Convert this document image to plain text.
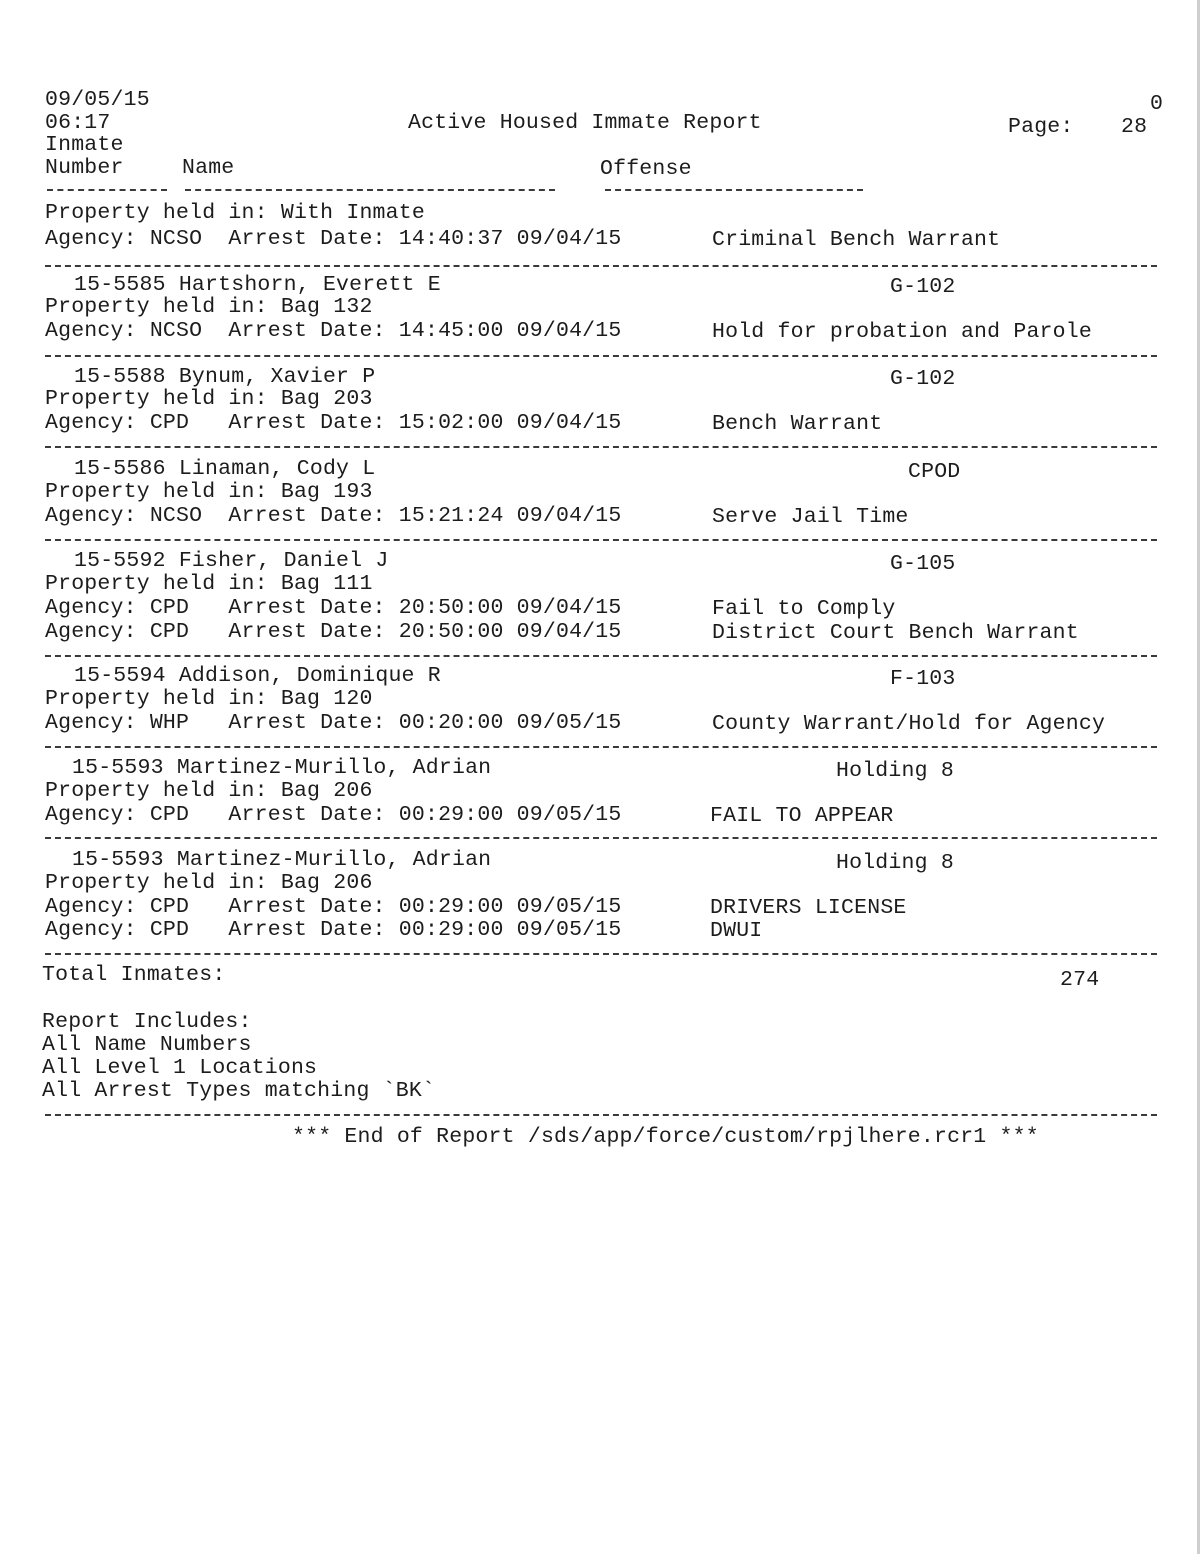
09/05/15
06:17	Active Housed Immate Report
0
Page: 28
Inmate
Number	Name	Offense
Property held in: With Inmate
Agency: NCSO  Arrest Date: 14:40:37 09/04/15	Criminal Bench Warrant
15-5585 Hartshorn, Everett E	G-102
Property held in: Bag 132
Agency: NCSO  Arrest Date: 14:45:00 09/04/15	Hold for probation and Parole
15-5588 Bynum, Xavier P	G-102
Property held in: Bag 203
Agency: CPD   Arrest Date: 15:02:00 09/04/15	Bench Warrant
15-5586 Linaman, Cody L	CPOD
Property held in: Bag 193
Agency: NCSO  Arrest Date: 15:21:24 09/04/15	Serve Jail Time
15-5592 Fisher, Daniel J	G-105
Property held in: Bag 111
Agency: CPD   Arrest Date: 20:50:00 09/04/15	Fail to Comply
Agency: CPD   Arrest Date: 20:50:00 09/04/15	District Court Bench Warrant
15-5594 Addison, Dominique R	F-103
Property held in: Bag 120
Agency: WHP   Arrest Date: 00:20:00 09/05/15	County Warrant/Hold for Agency
15-5593 Martinez-Murillo, Adrian	Holding 8
Property held in: Bag 206
Agency: CPD   Arrest Date: 00:29:00 09/05/15	FAIL TO APPEAR
15-5593 Martinez-Murillo, Adrian	Holding 8
Property held in: Bag 206
Agency: CPD   Arrest Date: 00:29:00 09/05/15	DRIVERS LICENSE
Agency: CPD   Arrest Date: 00:29:00 09/05/15	DWUI
Total Inmates:	274
Report Includes:
All Name Numbers
All Level 1 Locations
All Arrest Types matching `BK`
*** End of Report /sds/app/force/custom/rpjlhere.rcr1 ***
